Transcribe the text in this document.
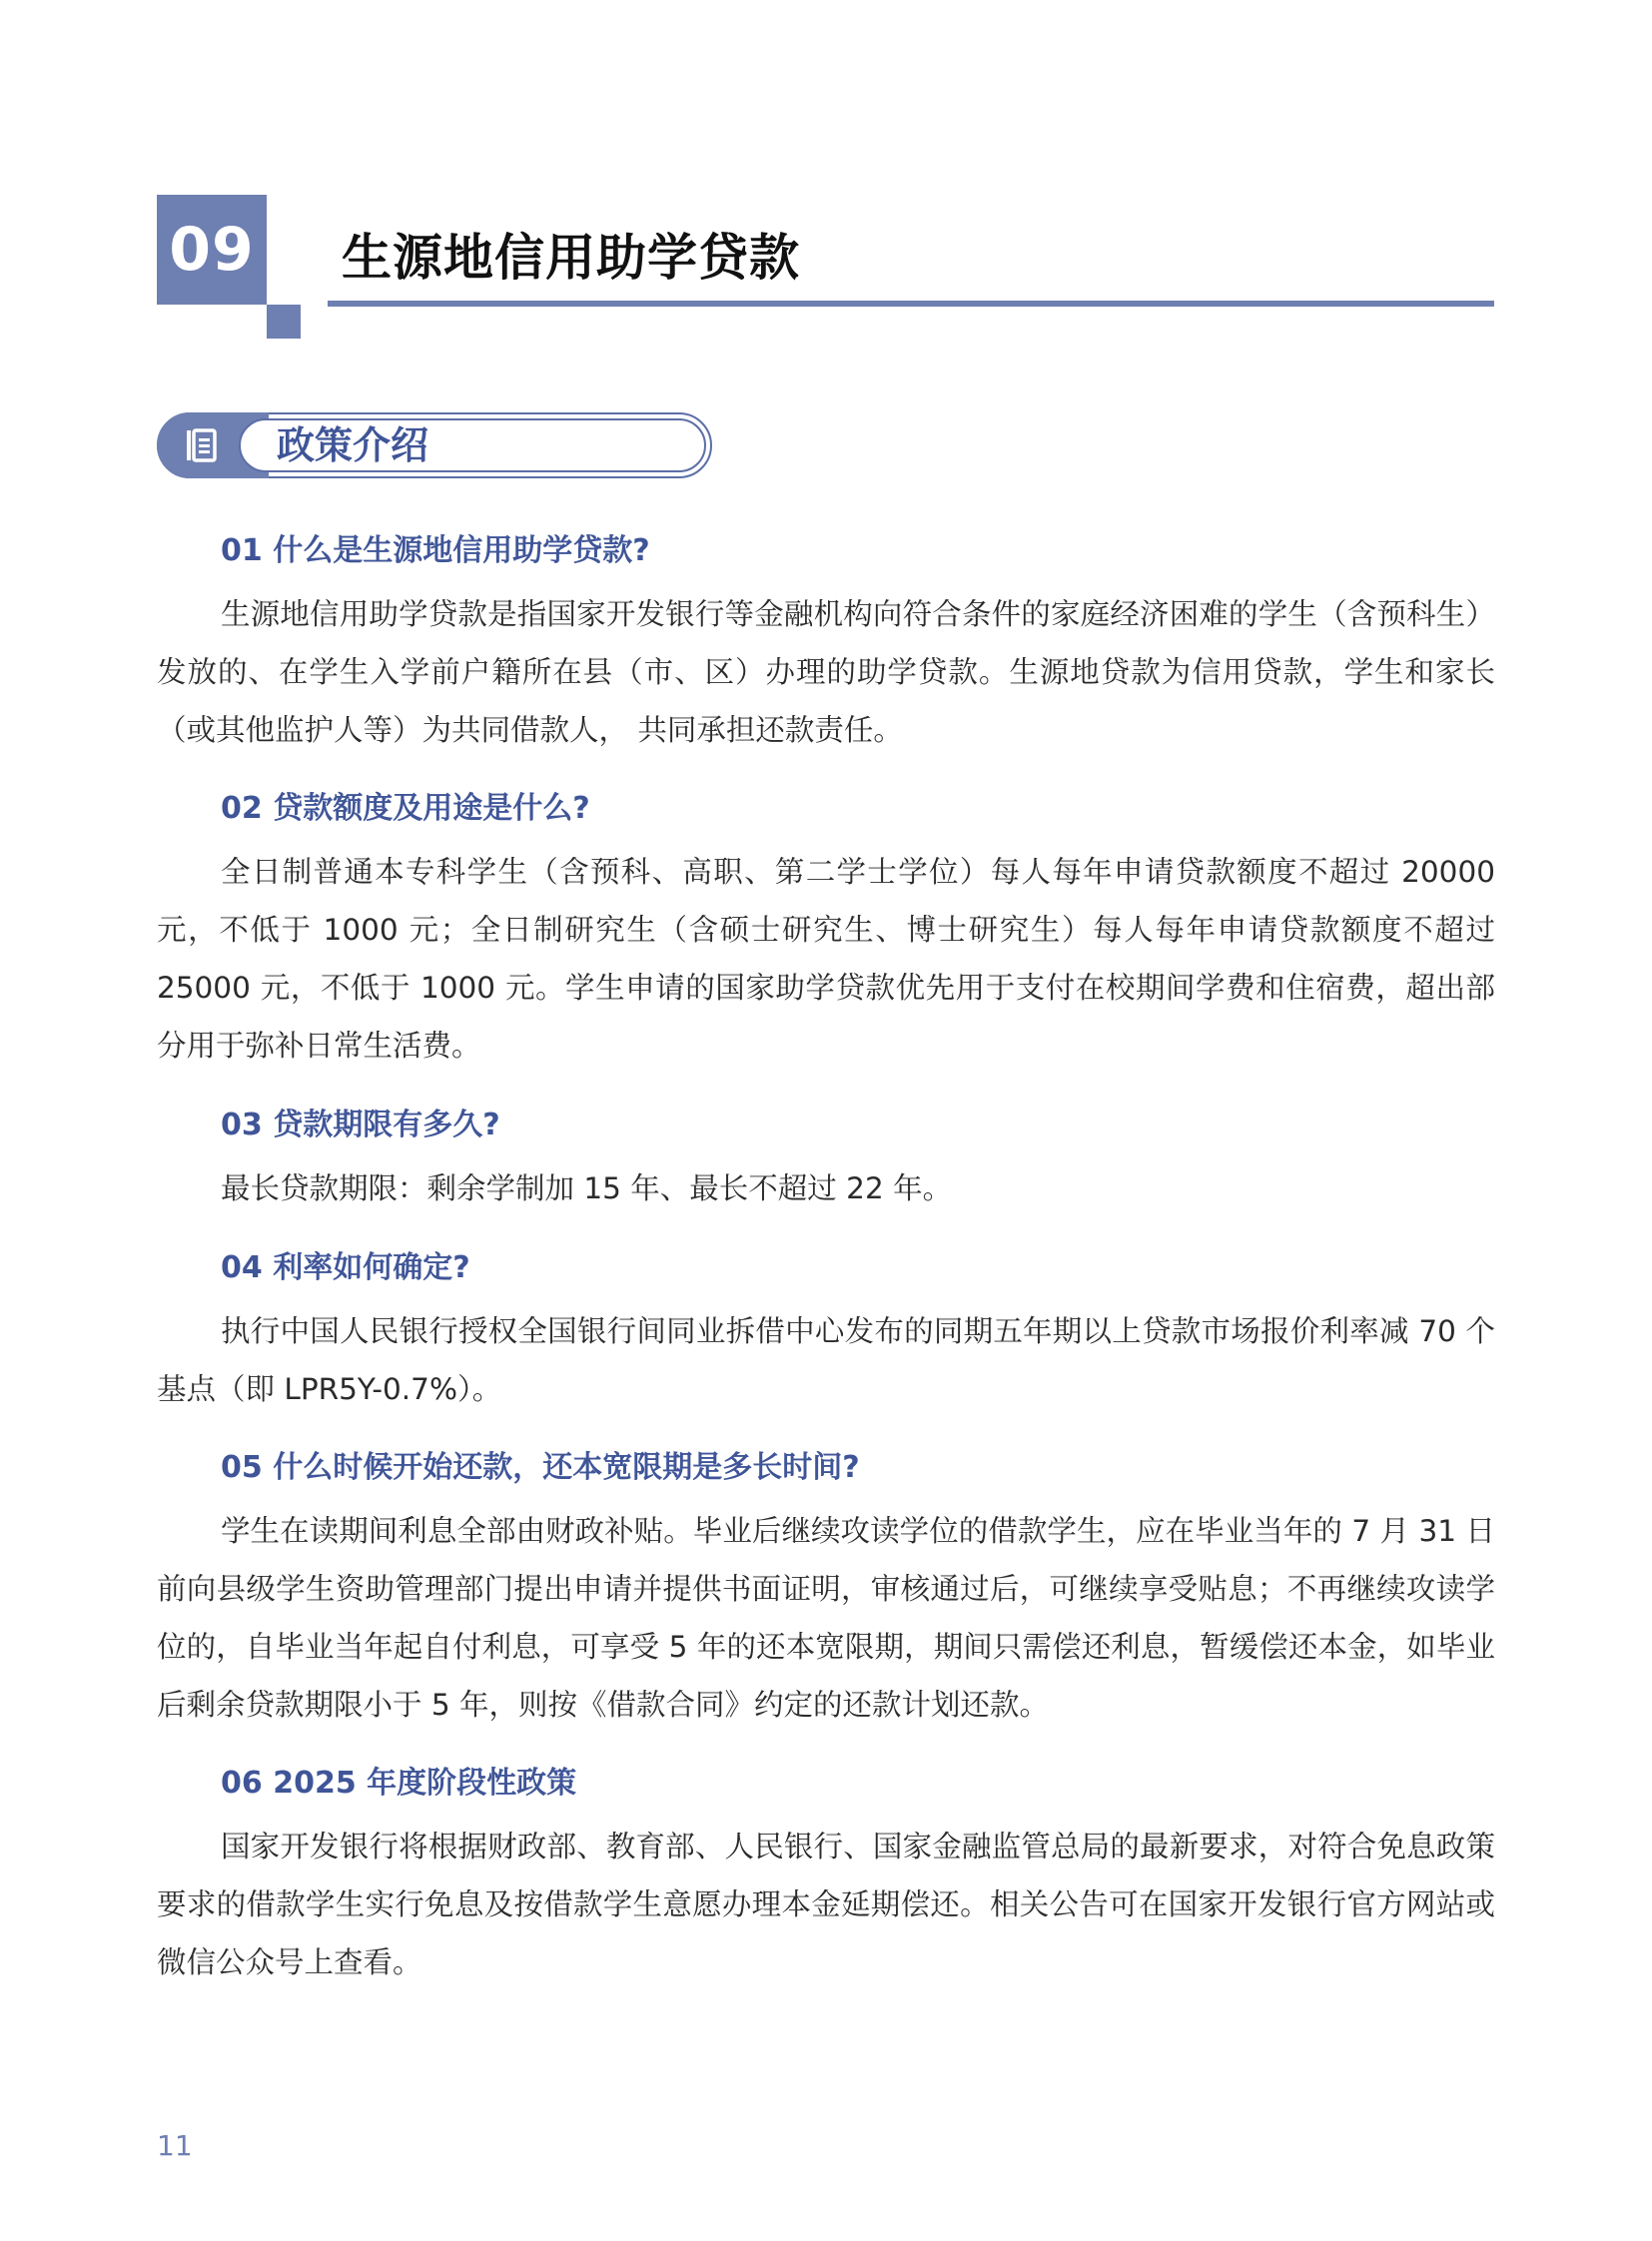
09 生源地信用助学贷款
政策介绍

01 什么是生源地信用助学贷款?

生源地信用助学贷款是指国家开发银行等金融机构向符合条件的家庭经济困难的学生（含预科生）发放的、在学生入学前户籍所在县（市、区）办理的助学贷款。生源地贷款为信用贷款，学生和家长（或其他监护人等）为共同借款人， 共同承担还款责任。

02 贷款额度及用途是什么?

全日制普通本专科学生（含预科、高职、第二学士学位）每人每年申请贷款额度不超过 20000 元，不低于 1000 元；全日制研究生（含硕士研究生、博士研究生）每人每年申请贷款额度不超过 25000 元，不低于 1000 元。学生申请的国家助学贷款优先用于支付在校期间学费和住宿费，超出部分用于弥补日常生活费。

03 贷款期限有多久?

最长贷款期限：剩余学制加 15 年、最长不超过 22 年。

04 利率如何确定?

执行中国人民银行授权全国银行间同业拆借中心发布的同期五年期以上贷款市场报价利率减 70 个基点（即 LPR5Y-0.7%）。

05 什么时候开始还款，还本宽限期是多长时间?

学生在读期间利息全部由财政补贴。毕业后继续攻读学位的借款学生，应在毕业当年的 7 月 31 日前向县级学生资助管理部门提出申请并提供书面证明，审核通过后，可继续享受贴息；不再继续攻读学位的，自毕业当年起自付利息，可享受 5 年的还本宽限期，期间只需偿还利息，暂缓偿还本金，如毕业后剩余贷款期限小于 5 年，则按《借款合同》约定的还款计划还款。

06 2025 年度阶段性政策

国家开发银行将根据财政部、教育部、人民银行、国家金融监管总局的最新要求，对符合免息政策要求的借款学生实行免息及按借款学生意愿办理本金延期偿还。相关公告可在国家开发银行官方网站或微信公众号上查看。

11
